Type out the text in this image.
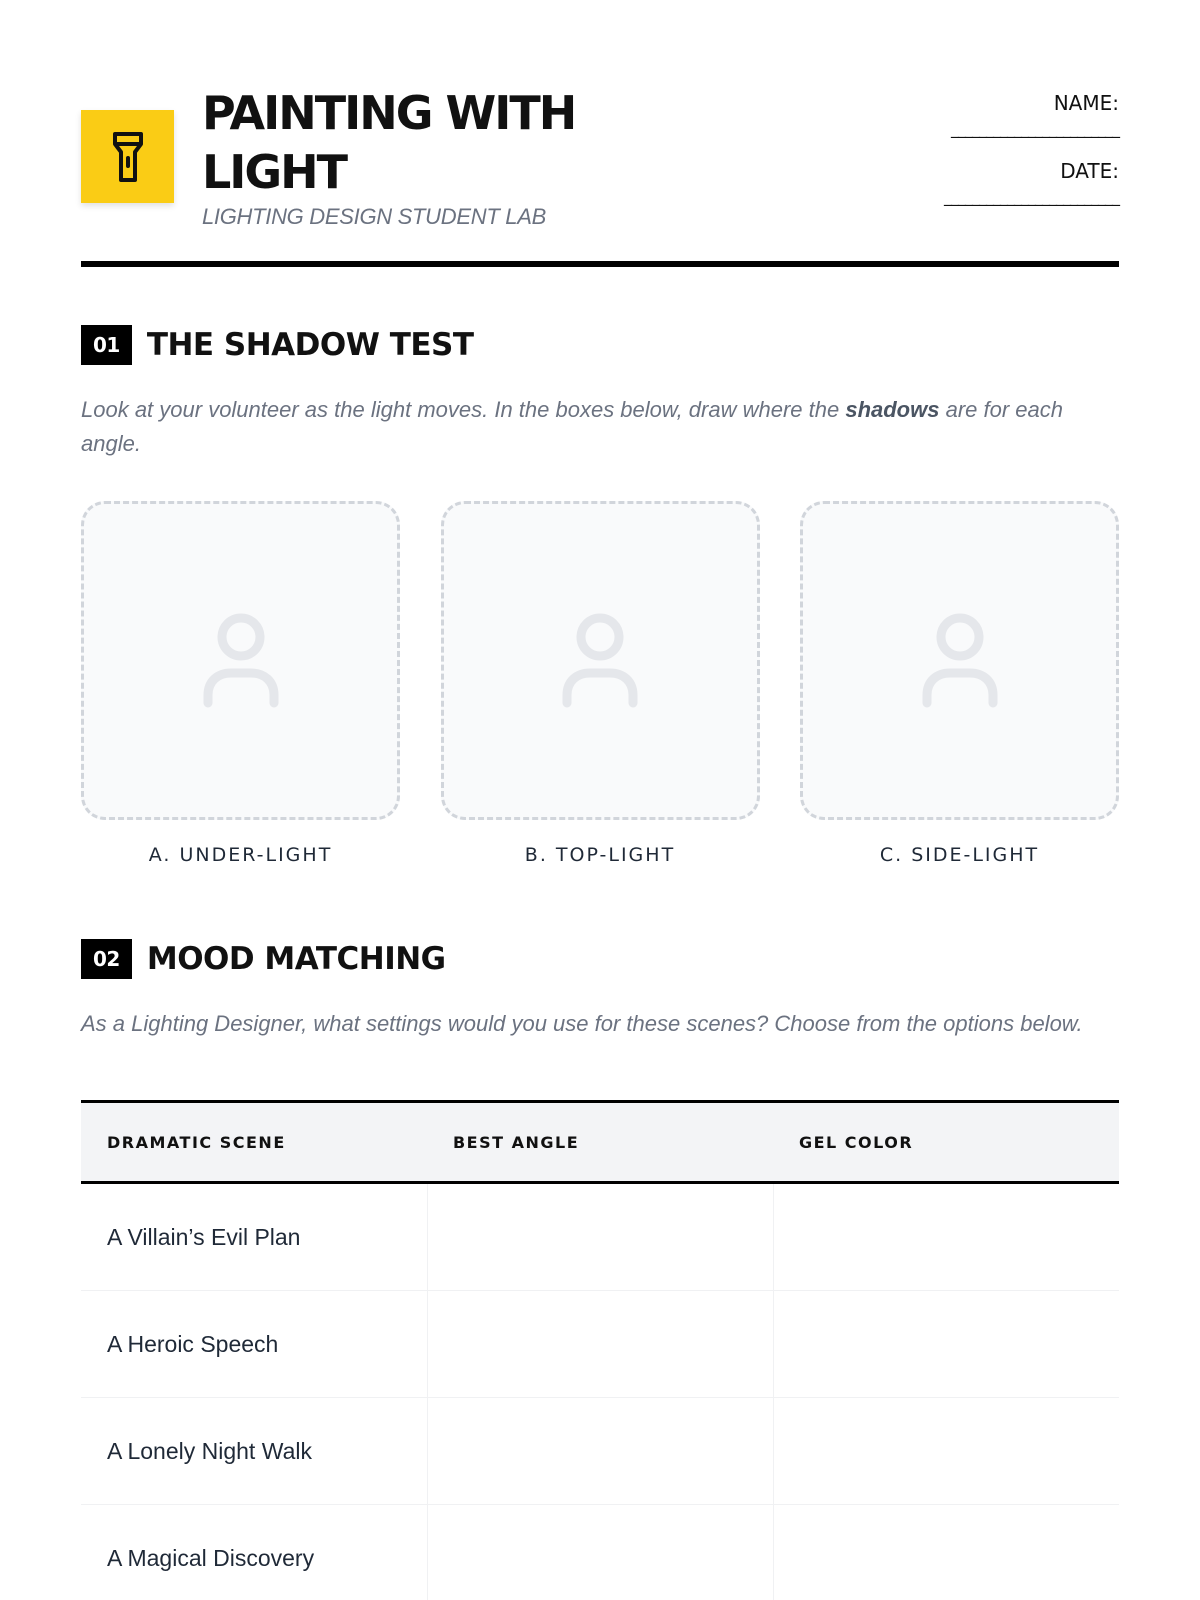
PAINTING WITH LIGHT
LIGHTING DESIGN STUDENT LAB
NAME:
________________________
DATE:
_________________________
01 THE SHADOW TEST

Look at your volunteer as the light moves. In the boxes below, draw where the shadows are for each angle.

A. UNDER-LIGHT	B. TOP-LIGHT	C. SIDE-LIGHT
02 MOOD MATCHING

As a Lighting Designer, what settings would you use for these scenes? Choose from the options below.

DRAMATIC SCENE	BEST ANGLE	GEL COLOR
A Villain’s Evil Plan
A Heroic Speech
A Lonely Night Walk
A Magical Discovery
